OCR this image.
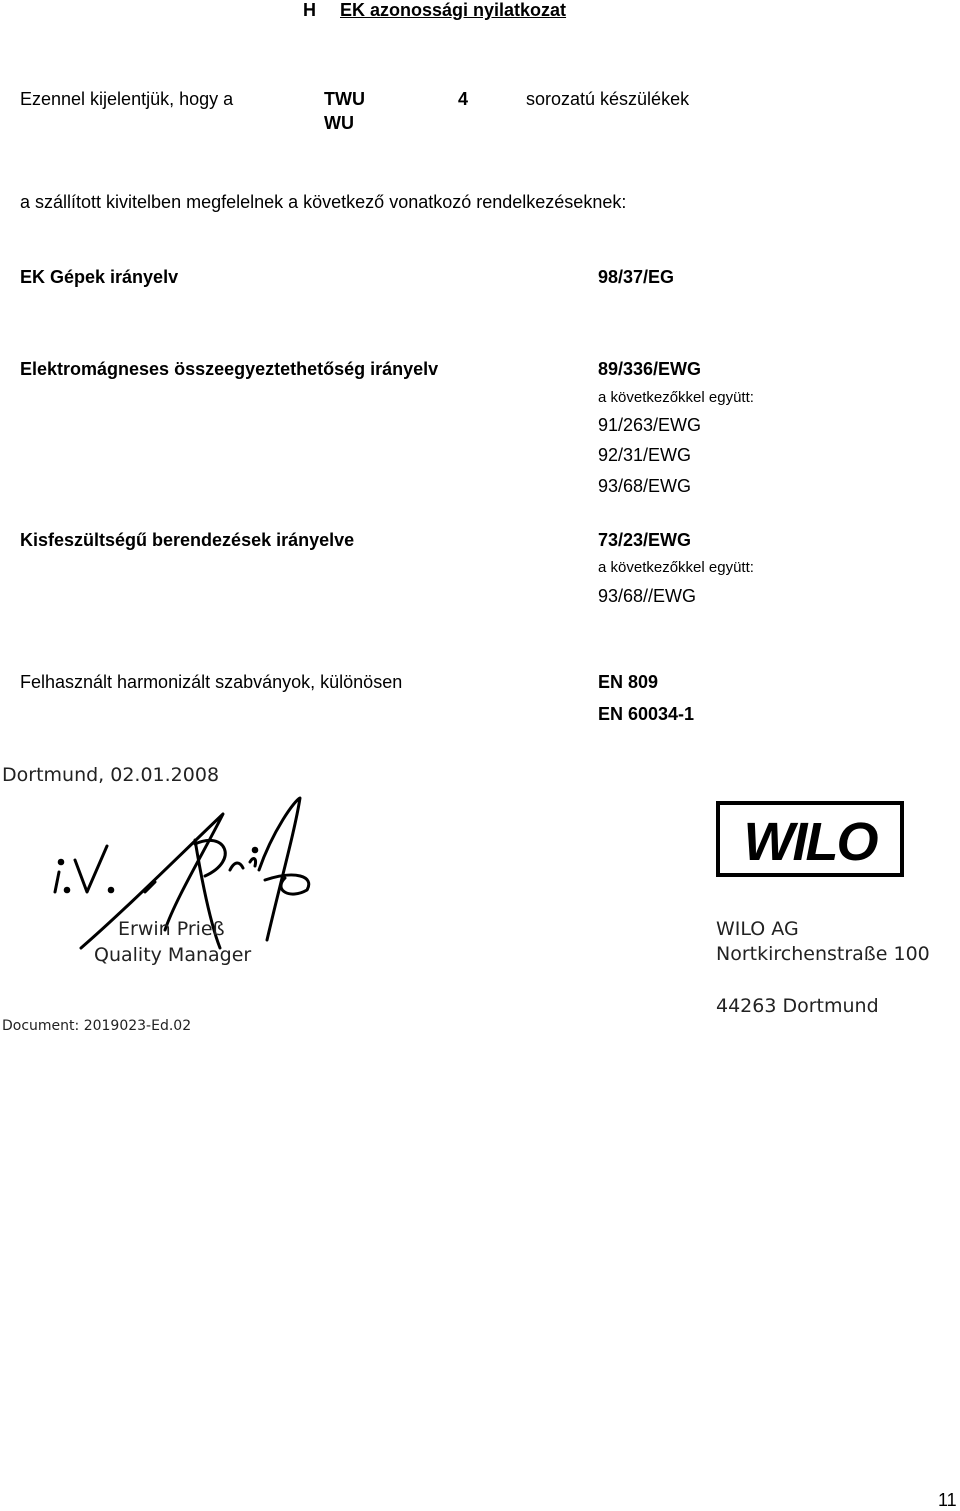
H EK azonossági nyilatkozat
Ezennel kijelentjük, hogy a	TWU
WU
4	sorozatú készülékek
a szállított kivitelben megfelelnek a következő vonatkozó rendelkezéseknek:
EK Gépek irányelv	98/37/EG
Elektromágneses összeegyeztethetőség irányelv	89/336/EWG
a következőkkel együtt:
91/263/EWG
92/31/EWG
93/68/EWG
Kisfeszültségű berendezések irányelve	73/23/EWG
a következőkkel együtt:
93/68//EWG
Felhasznált harmonizált szabványok, különösen	EN 809
EN 60034-1
Dortmund, 02.01.2008
Erwin Prieß
Quality Manager
WILO
WILO AG
Nortkirchenstraße 100
44263 Dortmund
Document: 2019023-Ed.02
11
